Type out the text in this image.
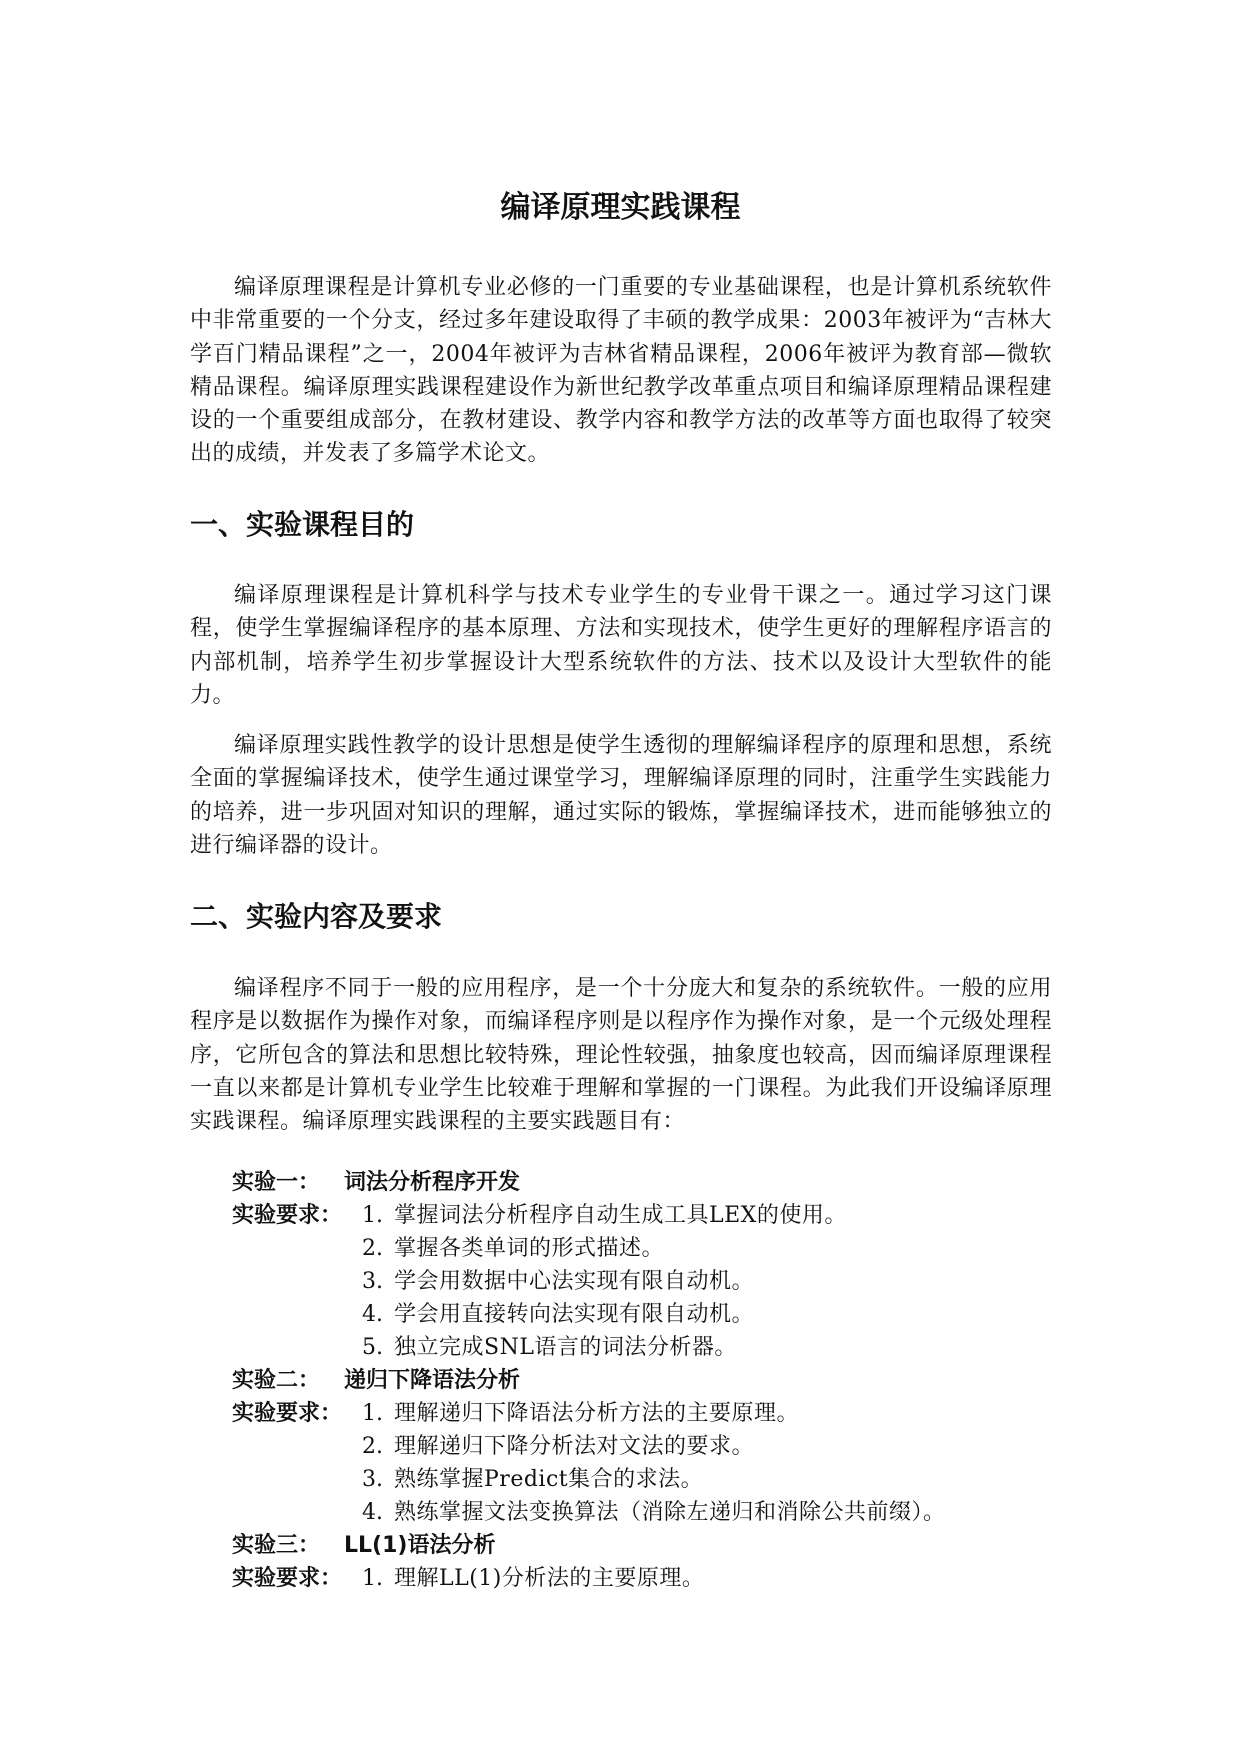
编译原理实践课程

编译原理课程是计算机专业必修的一门重要的专业基础课程，也是计算机系统软件中非常重要的一个分支，经过多年建设取得了丰硕的教学成果：2003年被评为“吉林大学百门精品课程”之一，2004年被评为吉林省精品课程，2006年被评为教育部—微软精品课程。编译原理实践课程建设作为新世纪教学改革重点项目和编译原理精品课程建设的一个重要组成部分，在教材建设、教学内容和教学方法的改革等方面也取得了较突出的成绩，并发表了多篇学术论文。

一、实验课程目的

编译原理课程是计算机科学与技术专业学生的专业骨干课之一。通过学习这门课程，使学生掌握编译程序的基本原理、方法和实现技术，使学生更好的理解程序语言的内部机制，培养学生初步掌握设计大型系统软件的方法、技术以及设计大型软件的能力。

编译原理实践性教学的设计思想是使学生透彻的理解编译程序的原理和思想，系统全面的掌握编译技术，使学生通过课堂学习，理解编译原理的同时，注重学生实践能力的培养，进一步巩固对知识的理解，通过实际的锻炼，掌握编译技术，进而能够独立的进行编译器的设计。

二、实验内容及要求

编译程序不同于一般的应用程序，是一个十分庞大和复杂的系统软件。一般的应用程序是以数据作为操作对象，而编译程序则是以程序作为操作对象，是一个元级处理程序，它所包含的算法和思想比较特殊，理论性较强，抽象度也较高，因而编译原理课程一直以来都是计算机专业学生比较难于理解和掌握的一门课程。为此我们开设编译原理实践课程。编译原理实践课程的主要实践题目有：

实验一： 词法分析程序开发
实验要求： 1. 掌握词法分析程序自动生成工具LEX的使用。
2. 掌握各类单词的形式描述。
3. 学会用数据中心法实现有限自动机。
4. 学会用直接转向法实现有限自动机。
5. 独立完成SNL语言的词法分析器。
实验二： 递归下降语法分析
实验要求： 1. 理解递归下降语法分析方法的主要原理。
2. 理解递归下降分析法对文法的要求。
3. 熟练掌握Predict集合的求法。
4. 熟练掌握文法变换算法（消除左递归和消除公共前缀）。
实验三： LL(1)语法分析
实验要求： 1. 理解LL(1)分析法的主要原理。
